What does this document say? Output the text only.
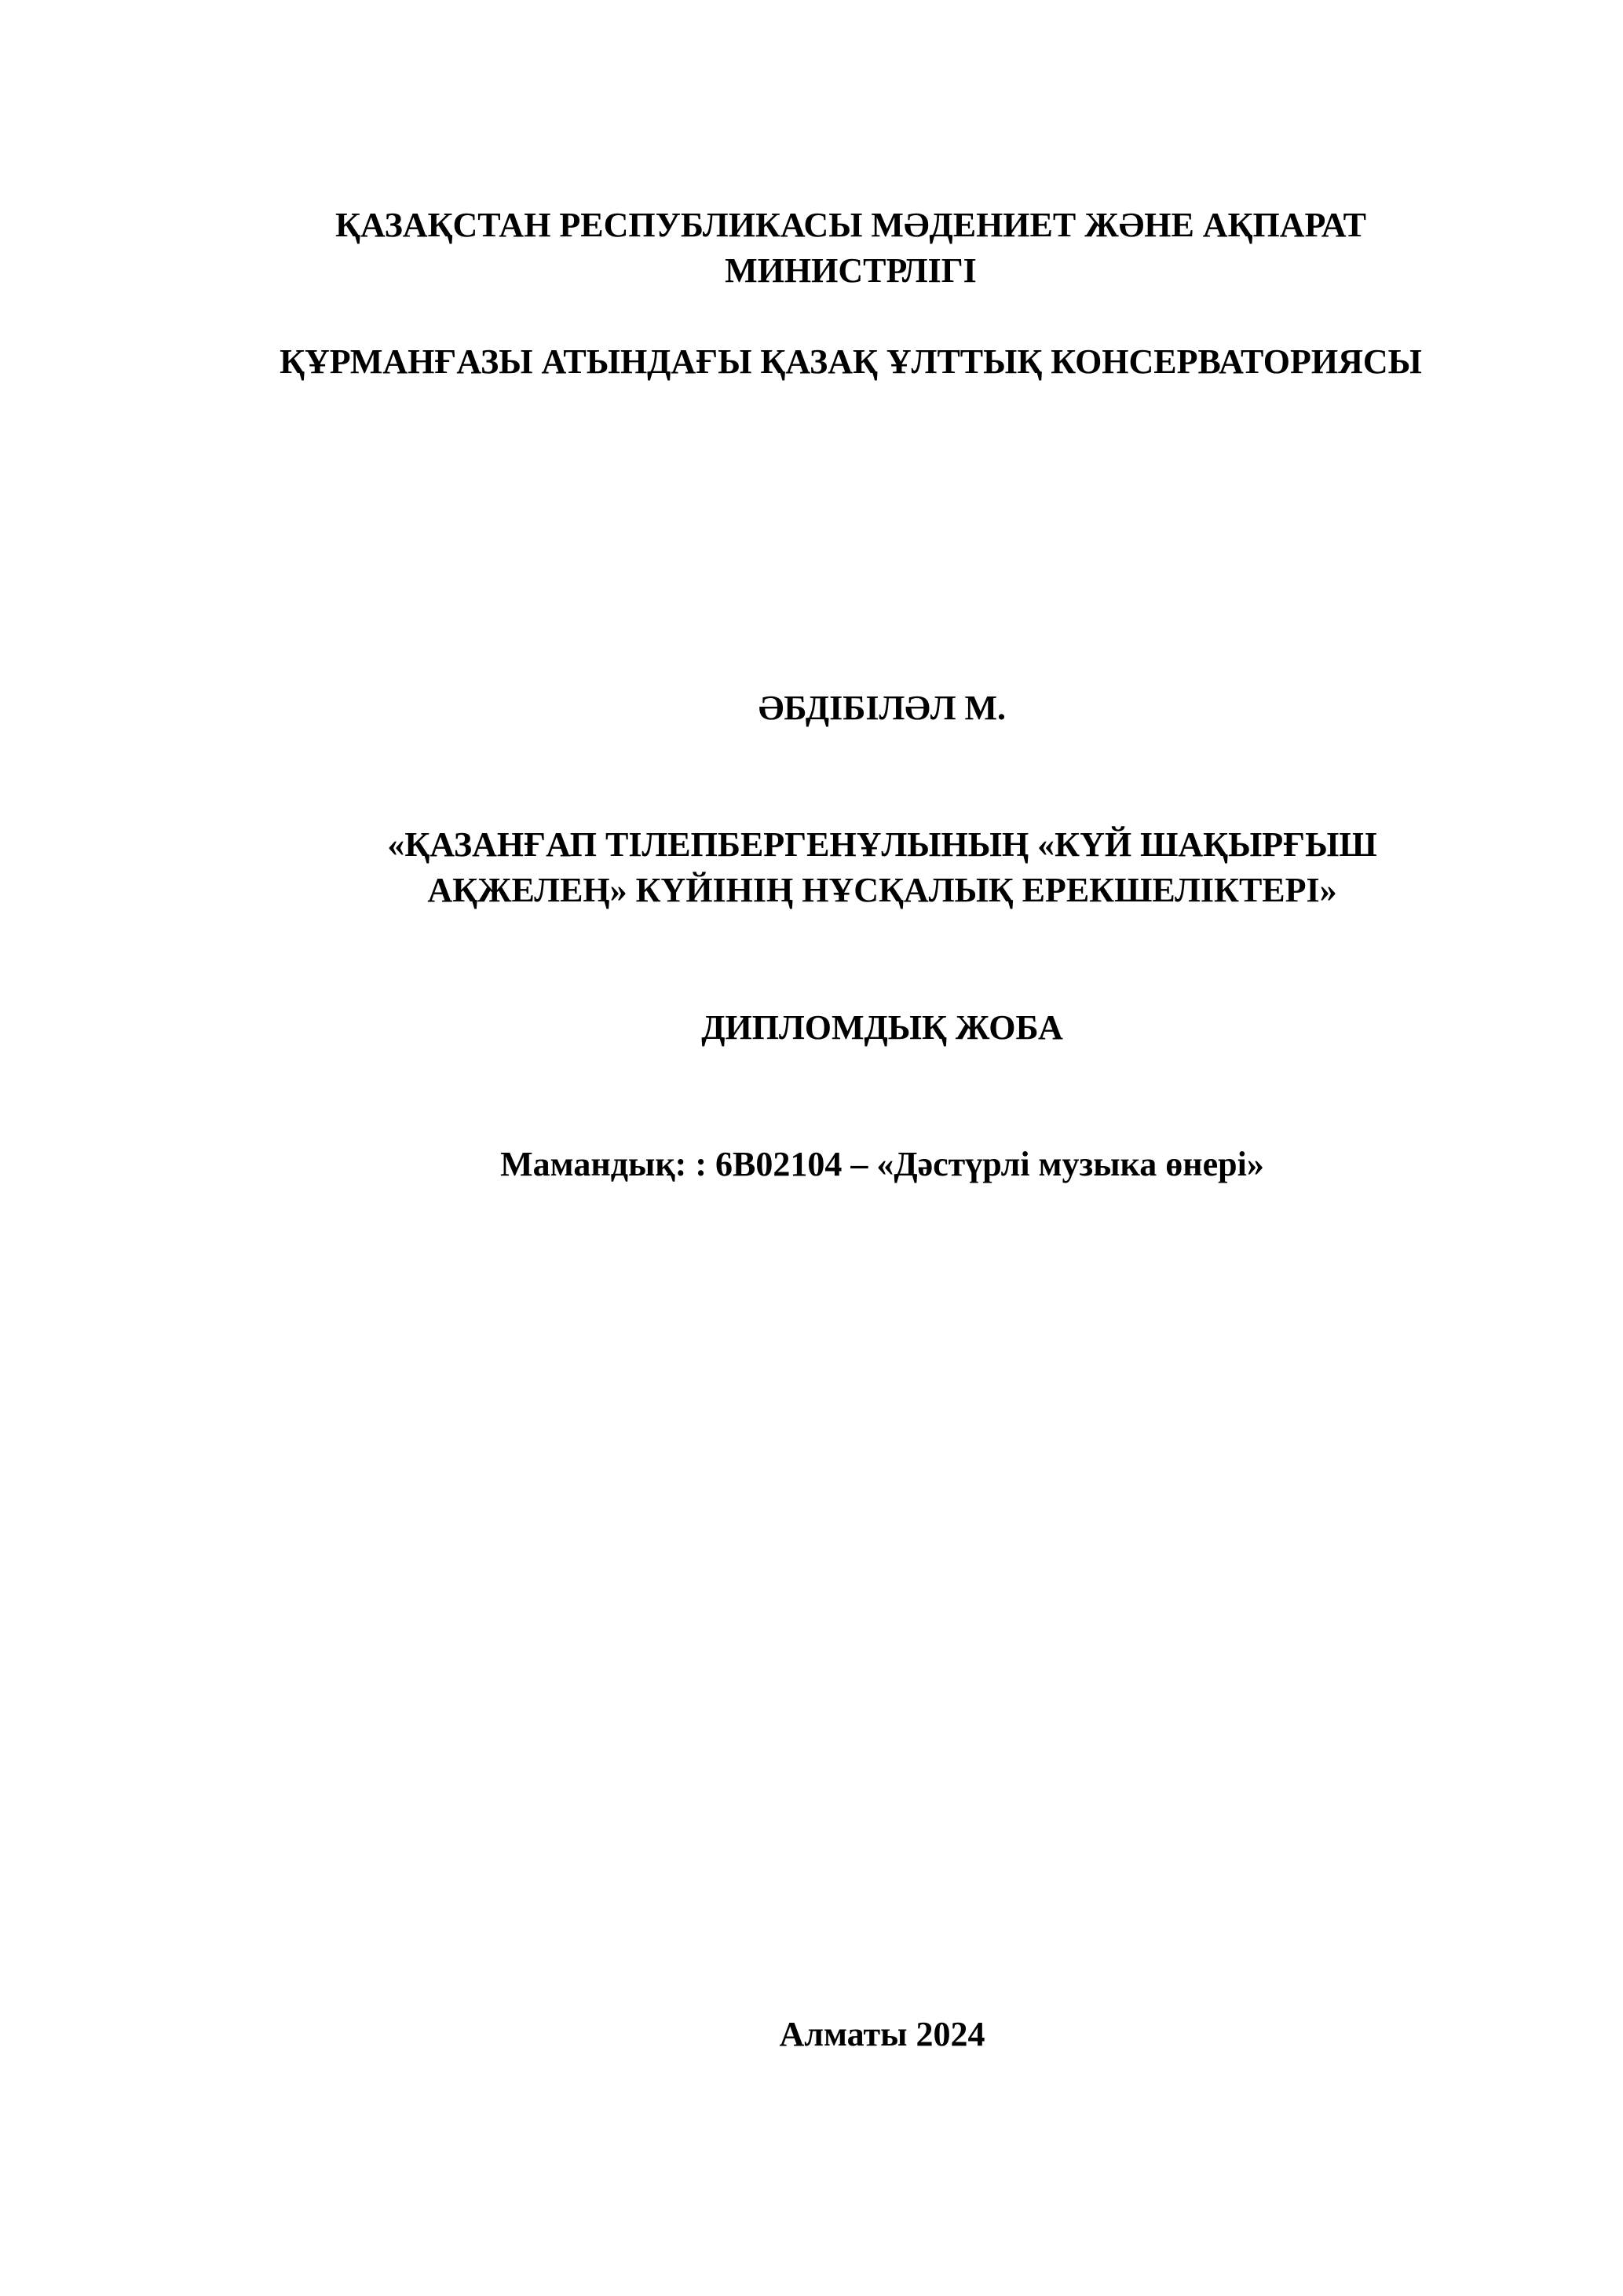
ҚАЗАҚСТАН РЕСПУБЛИКАСЫ МӘДЕНИЕТ ЖӘНЕ АҚПАРАТ
МИНИСТРЛІГІ
ҚҰРМАНҒАЗЫ АТЫНДАҒЫ ҚАЗАҚ ҰЛТТЫҚ КОНСЕРВАТОРИЯСЫ
ӘБДІБІЛӘЛ М.
«ҚАЗАНҒАП ТІЛЕПБЕРГЕНҰЛЫНЫҢ «КҮЙ ШАҚЫРҒЫШ
АҚЖЕЛЕҢ» КҮЙІНІҢ НҰСҚАЛЫҚ ЕРЕКШЕЛІКТЕРІ»
ДИПЛОМДЫҚ ЖОБА
Мамандық: : 6В02104 – «Дәстүрлі музыка өнері»
Алматы 2024
